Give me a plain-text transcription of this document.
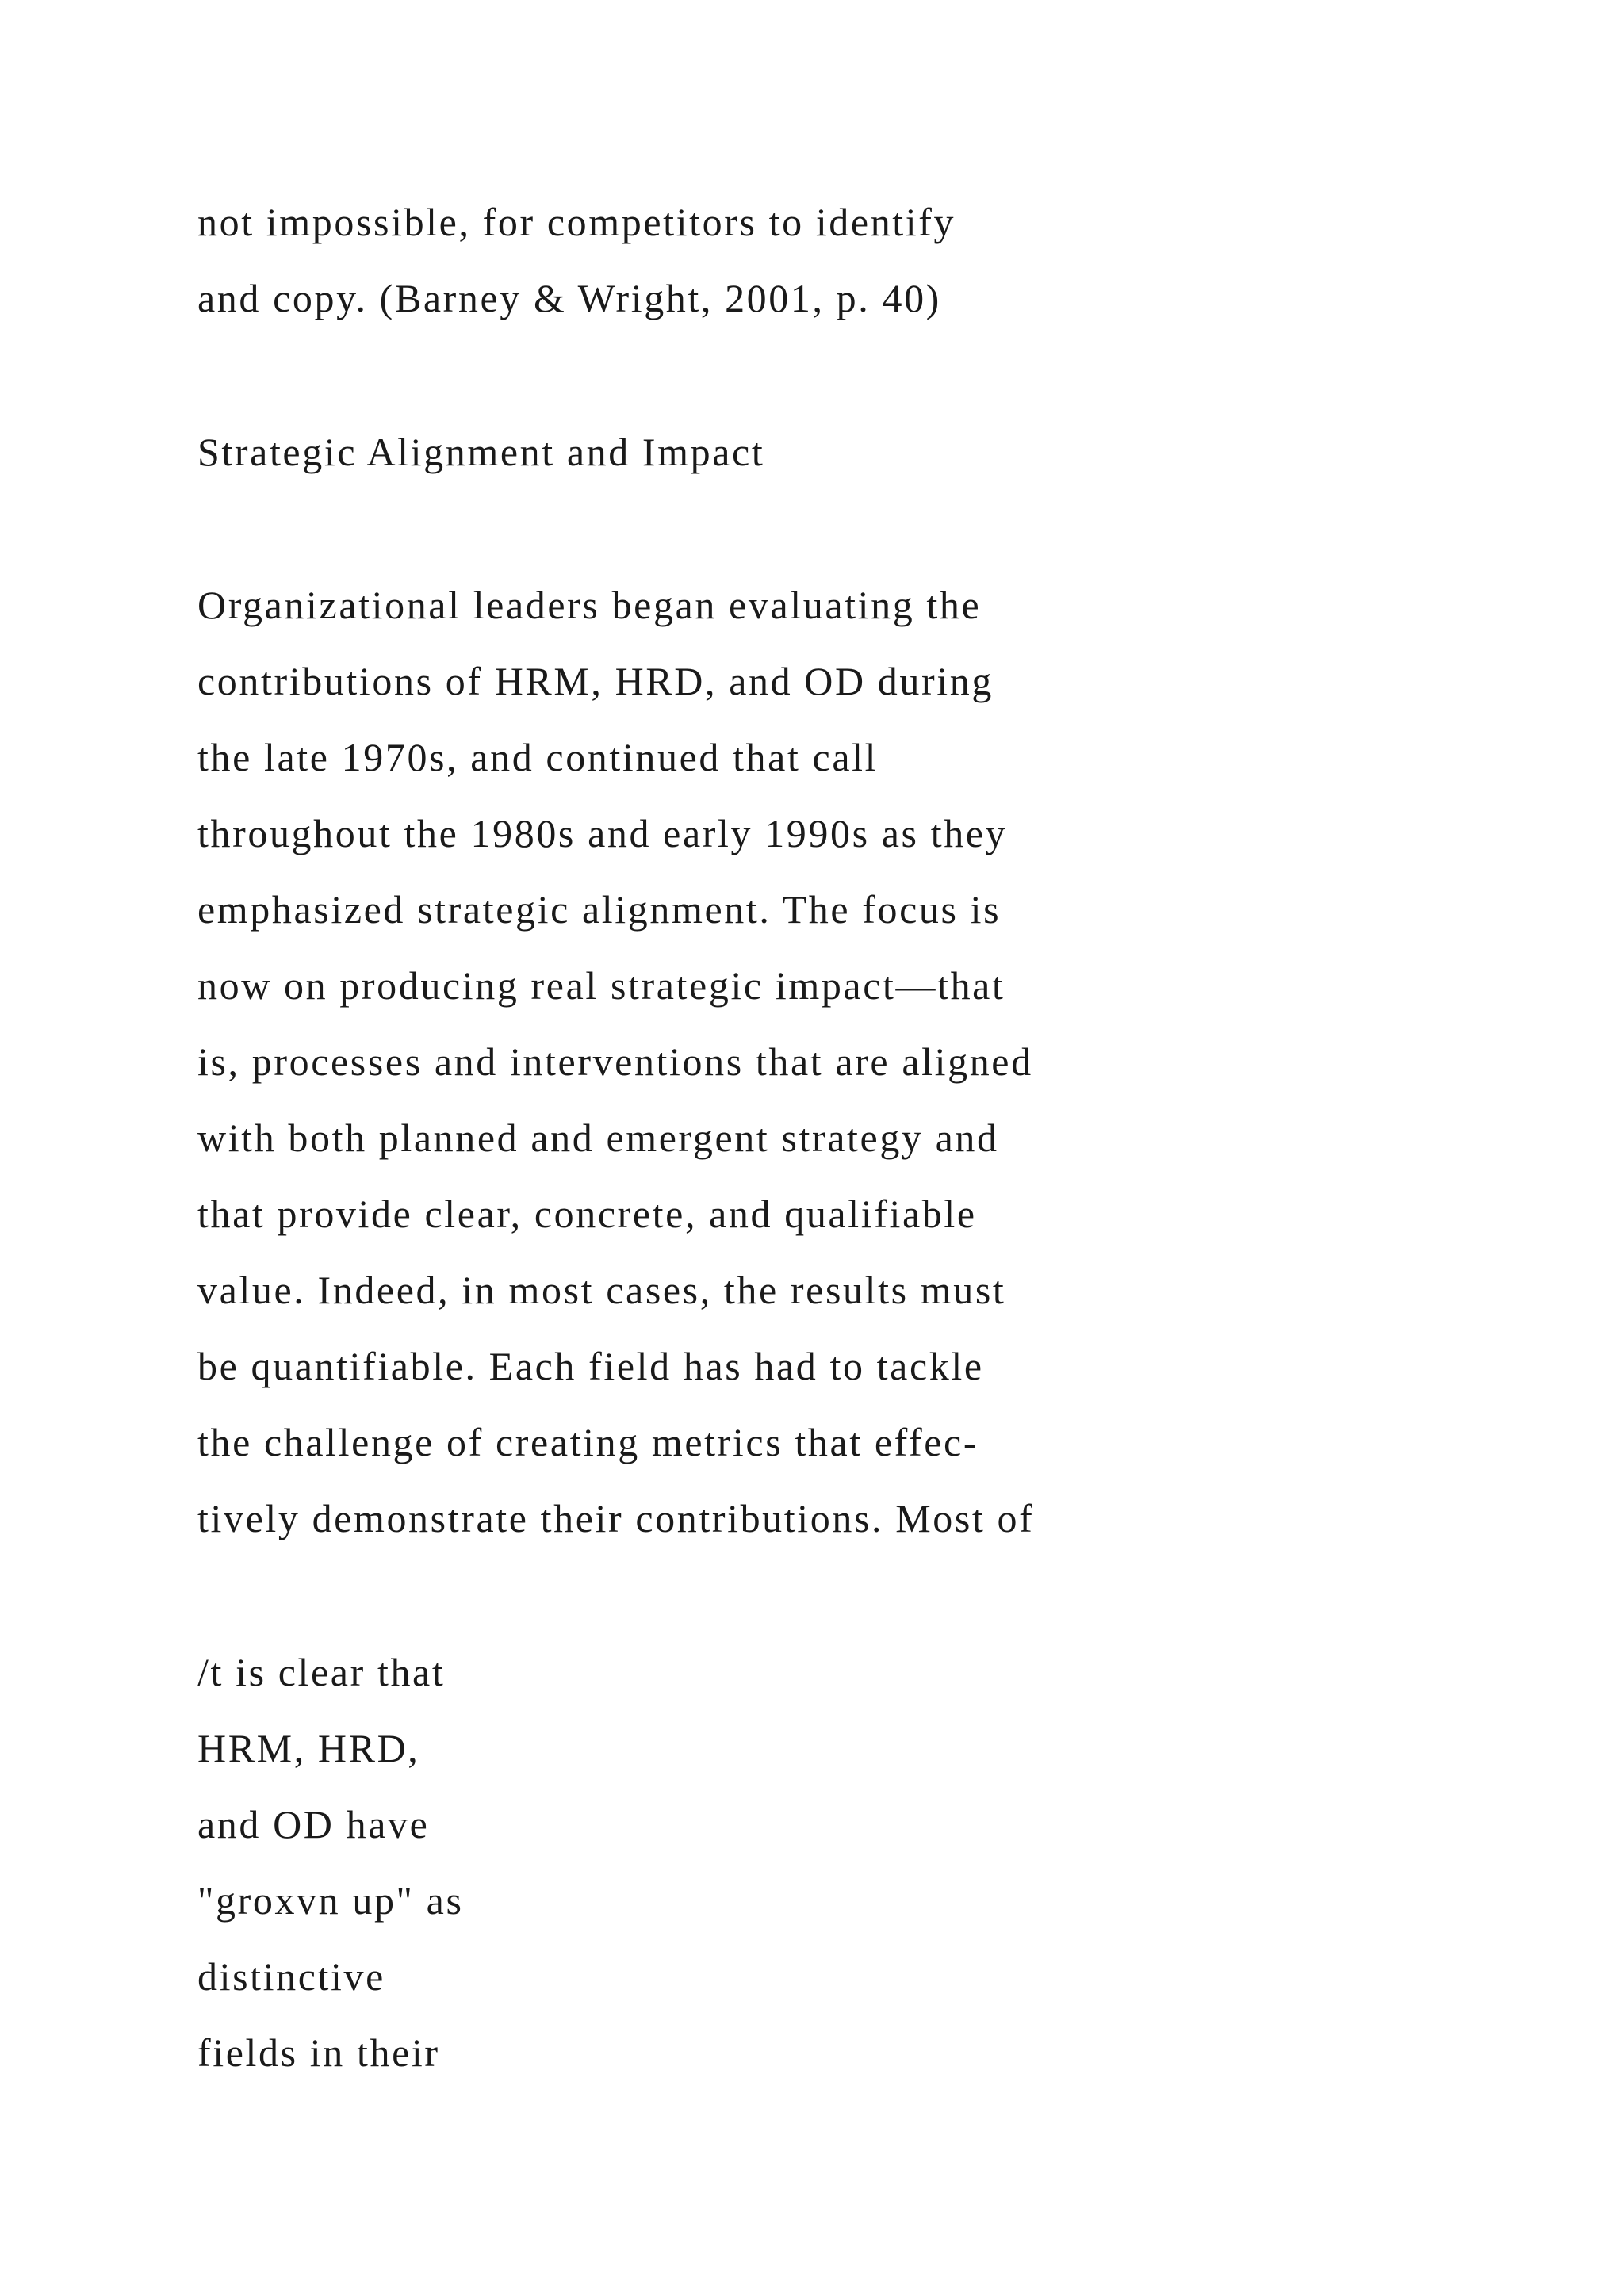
not impossible, for competitors to identify
and copy. (Barney & Wright, 2001, p. 40)
Strategic Alignment and Impact
Organizational leaders began evaluating the
contributions of HRM, HRD, and OD during
the late 1970s, and continued that call
throughout the 1980s and early 1990s as they
emphasized strategic alignment. The focus is
now on producing real strategic impact—that
is, processes and interventions that are aligned
with both planned and emergent strategy and
that provide clear, concrete, and qualifiable
value. Indeed, in most cases, the results must
be quantifiable. Each field has had to tackle
the challenge of creating metrics that effec-
tively demonstrate their contributions. Most of
/t is clear that
HRM, HRD,
and OD have
"groxvn up" as
distinctive
fields in their
